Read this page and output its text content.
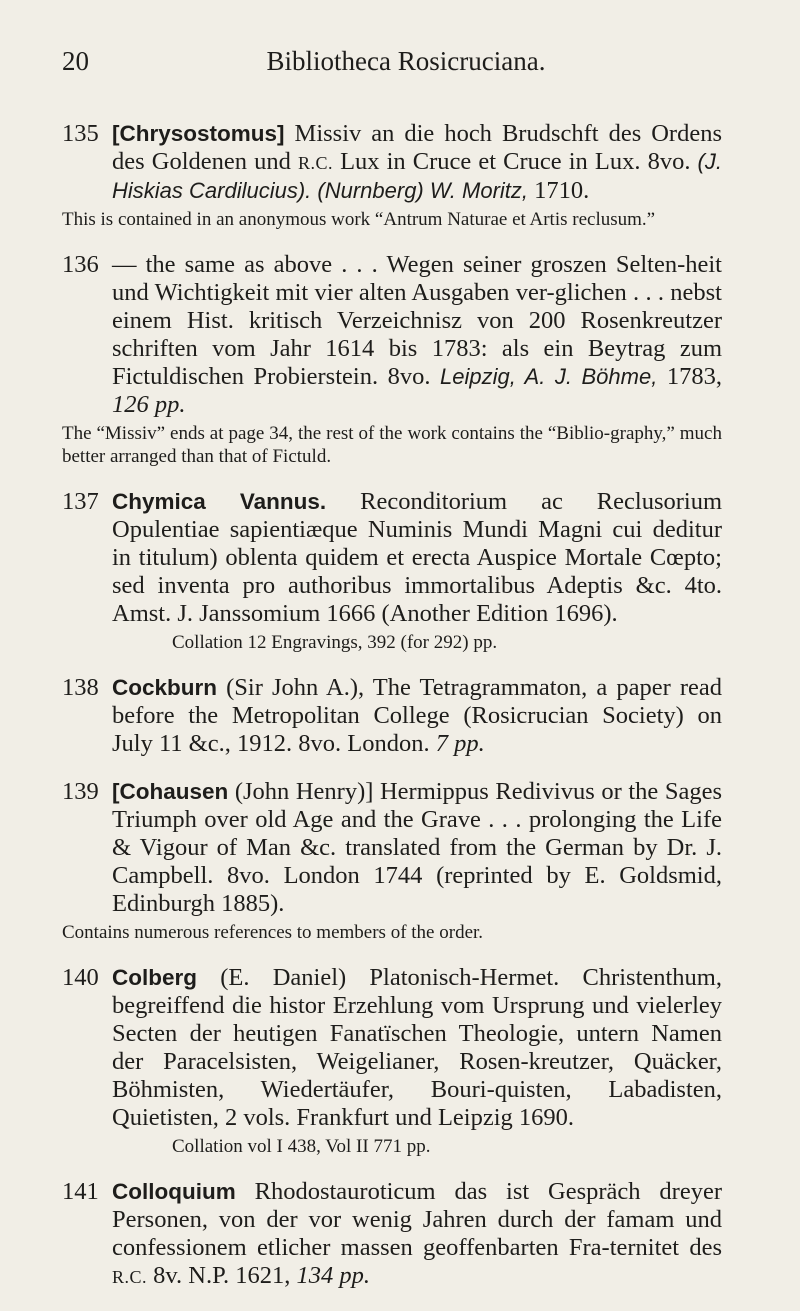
20	Bibliotheca Rosicruciana.
135 [Chrysostomus] Missiv an die hoch Brudschft des Ordens des Goldenen und R.C. Lux in Cruce et Cruce in Lux. 8vo. (J. Hiskias Cardilucius). (Nurnberg) W. Moritz, 1710.
This is contained in an anonymous work “Antrum Naturae et Artis reclusum.”
136 — the same as above . . . Wegen seiner groszen Selten-heit und Wichtigkeit mit vier alten Ausgaben ver-glichen . . . nebst einem Hist. kritisch Verzeichnisz von 200 Rosenkreutzer schriften vom Jahr 1614 bis 1783: als ein Beytrag zum Fictuldischen Probierstein. 8vo. Leipzig, A. J. Böhme, 1783, 126 pp.
The “Missiv” ends at page 34, the rest of the work contains the “Biblio-graphy,” much better arranged than that of Fictuld.
137 Chymica Vannus. Reconditorium ac Reclusorium Opulentiae sapientiæque Numinis Mundi Magni cui deditur in titulum) oblenta quidem et erecta Auspice Mortale Cœpto; sed inventa pro authoribus immortalibus Adeptis &c. 4to. Amst. J. Janssomium 1666 (Another Edition 1696).
Collation 12 Engravings, 392 (for 292) pp.
138 Cockburn (Sir John A.), The Tetragrammaton, a paper read before the Metropolitan College (Rosicrucian Society) on July 11 &c., 1912. 8vo. London. 7 pp.
139 [Cohausen (John Henry)] Hermippus Redivivus or the Sages Triumph over old Age and the Grave . . . prolonging the Life & Vigour of Man &c. translated from the German by Dr. J. Campbell. 8vo. London 1744 (reprinted by E. Goldsmid, Edinburgh 1885).
Contains numerous references to members of the order.
140 Colberg (E. Daniel) Platonisch-Hermet. Christenthum, begreiffend die histor Erzehlung vom Ursprung und vielerley Secten der heutigen Fanatïschen Theologie, untern Namen der Paracelsisten, Weigelianer, Rosen-kreutzer, Quäcker, Böhmisten, Wiedertäufer, Bouri-quisten, Labadisten, Quietisten, 2 vols. Frankfurt und Leipzig 1690.
Collation vol I 438, Vol II 771 pp.
141 Colloquium Rhodostauroticum das ist Gespräch dreyer Personen, von der vor wenig Jahren durch der famam und confessionem etlicher massen geoffenbarten Fra-ternitet des R.C. 8v. N.P. 1621, 134 pp.
